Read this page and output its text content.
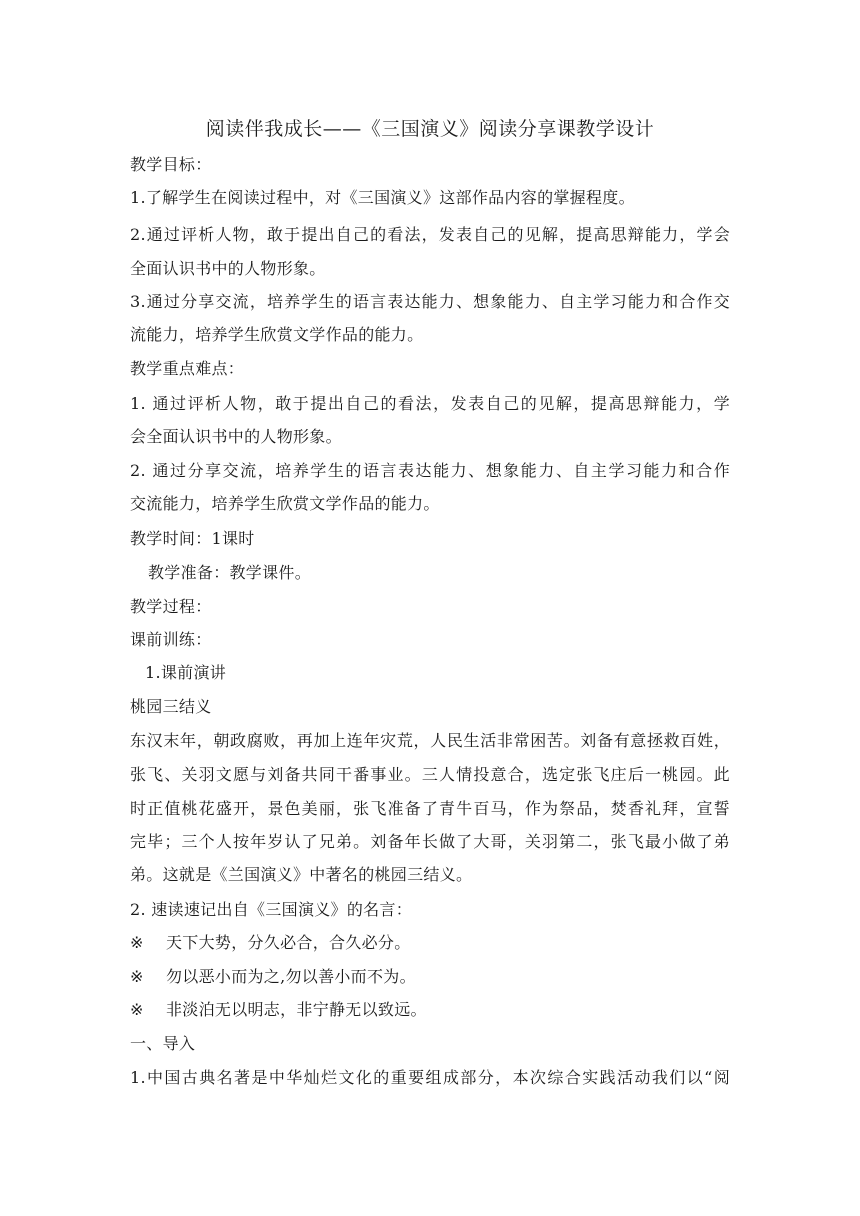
阅读伴我成长——《三国演义》阅读分享课教学设计
教学目标：
1.了解学生在阅读过程中，对《三国演义》这部作品内容的掌握程度。
2.通过评析人物，敢于提出自己的看法，发表自己的见解，提高思辩能力，学会
全面认识书中的人物形象。
3.通过分享交流，培养学生的语言表达能力、想象能力、自主学习能力和合作交
流能力，培养学生欣赏文学作品的能力。
教学重点难点：
1. 通过评析人物，敢于提出自己的看法，发表自己的见解，提高思辩能力，学
会全面认识书中的人物形象。
2. 通过分享交流，培养学生的语言表达能力、想象能力、自主学习能力和合作
交流能力，培养学生欣赏文学作品的能力。
教学时间：1课时
教学准备：教学课件。
教学过程：
课前训练：
1.课前演讲
桃园三结义
东汉末年，朝政腐败，再加上连年灾荒，人民生活非常困苦。刘备有意拯救百姓，
张飞、关羽文愿与刘备共同干番事业。三人情投意合，选定张飞庄后一桃园。此
时正值桃花盛开，景色美丽，张飞准备了青牛百马，作为祭品，焚香礼拜，宣誓
完毕；三个人按年岁认了兄弟。刘备年长做了大哥，关羽第二，张飞最小做了弟
弟。这就是《兰国演义》中著名的桃园三结义。
2. 速读速记出自《三国演义》的名言：
※ 天下大势，分久必合，合久必分。
※ 勿以恶小而为之,勿以善小而不为。
※ 非淡泊无以明志，非宁静无以致远。
一、导入
1.中国古典名著是中华灿烂文化的重要组成部分，本次综合实践活动我们以“阅
